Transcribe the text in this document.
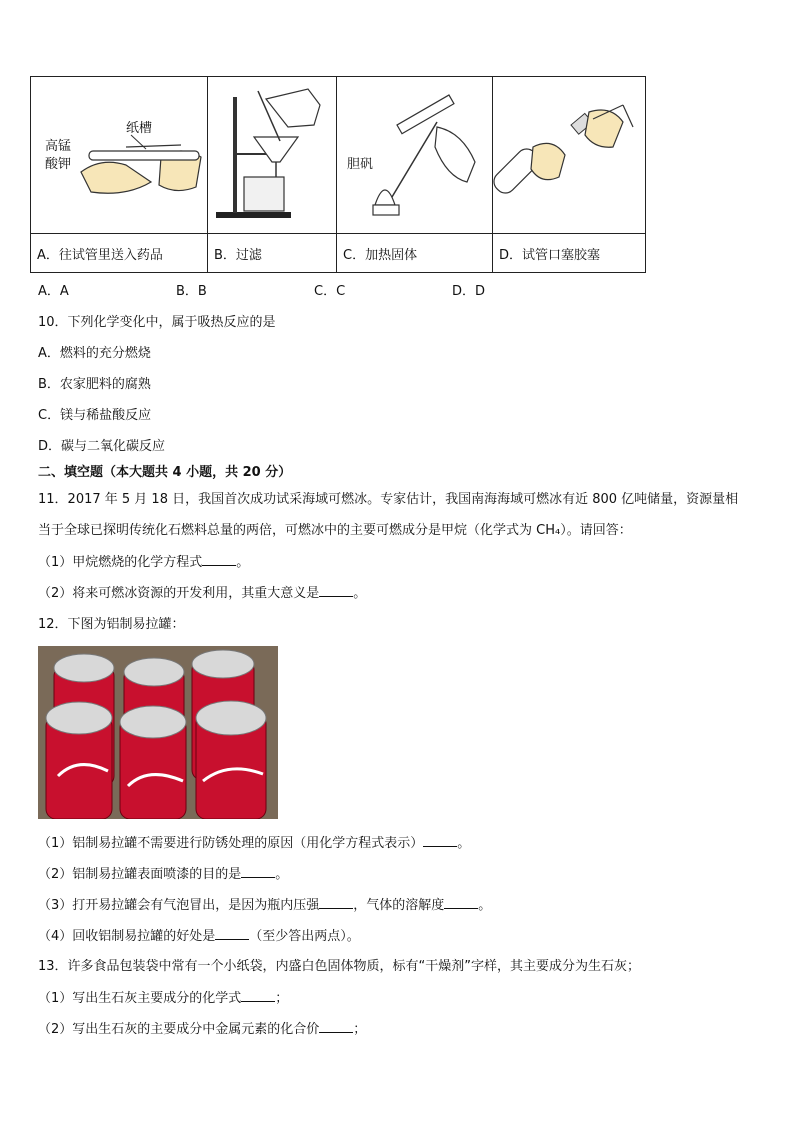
纸槽
高锰
酸钾		胆矾

A．往试管里送入药品	B．过滤	C．加热固体	D．试管口塞胶塞
A．A	B．B	C．C	D．D
10．下列化学变化中，属于吸热反应的是
A．燃料的充分燃烧
B．农家肥料的腐熟
C．镁与稀盐酸反应
D．碳与二氧化碳反应
二、填空题（本大题共 4 小题，共 20 分）
11．2017 年 5 月 18 日，我国首次成功试采海域可燃冰。专家估计，我国南海海域可燃冰有近 800 亿吨储量，资源量相
当于全球已探明传统化石燃料总量的两倍，可燃冰中的主要可燃成分是甲烷（化学式为 CH₄）。请回答：
（1）甲烷燃烧的化学方程式	。
（2）将来可燃冰资源的开发利用，其重大意义是	。
12．下图为铝制易拉罐：
（1）铝制易拉罐不需要进行防锈处理的原因（用化学方程式表示）	。
（2）铝制易拉罐表面喷漆的目的是	。
（3）打开易拉罐会有气泡冒出，是因为瓶内压强	，气体的溶解度	。
（4）回收铝制易拉罐的好处是	（至少答出两点）。
13．许多食品包装袋中常有一个小纸袋，内盛白色固体物质，标有“干燥剂”字样，其主要成分为生石灰；
（1）写出生石灰主要成分的化学式	；
（2）写出生石灰的主要成分中金属元素的化合价	；
